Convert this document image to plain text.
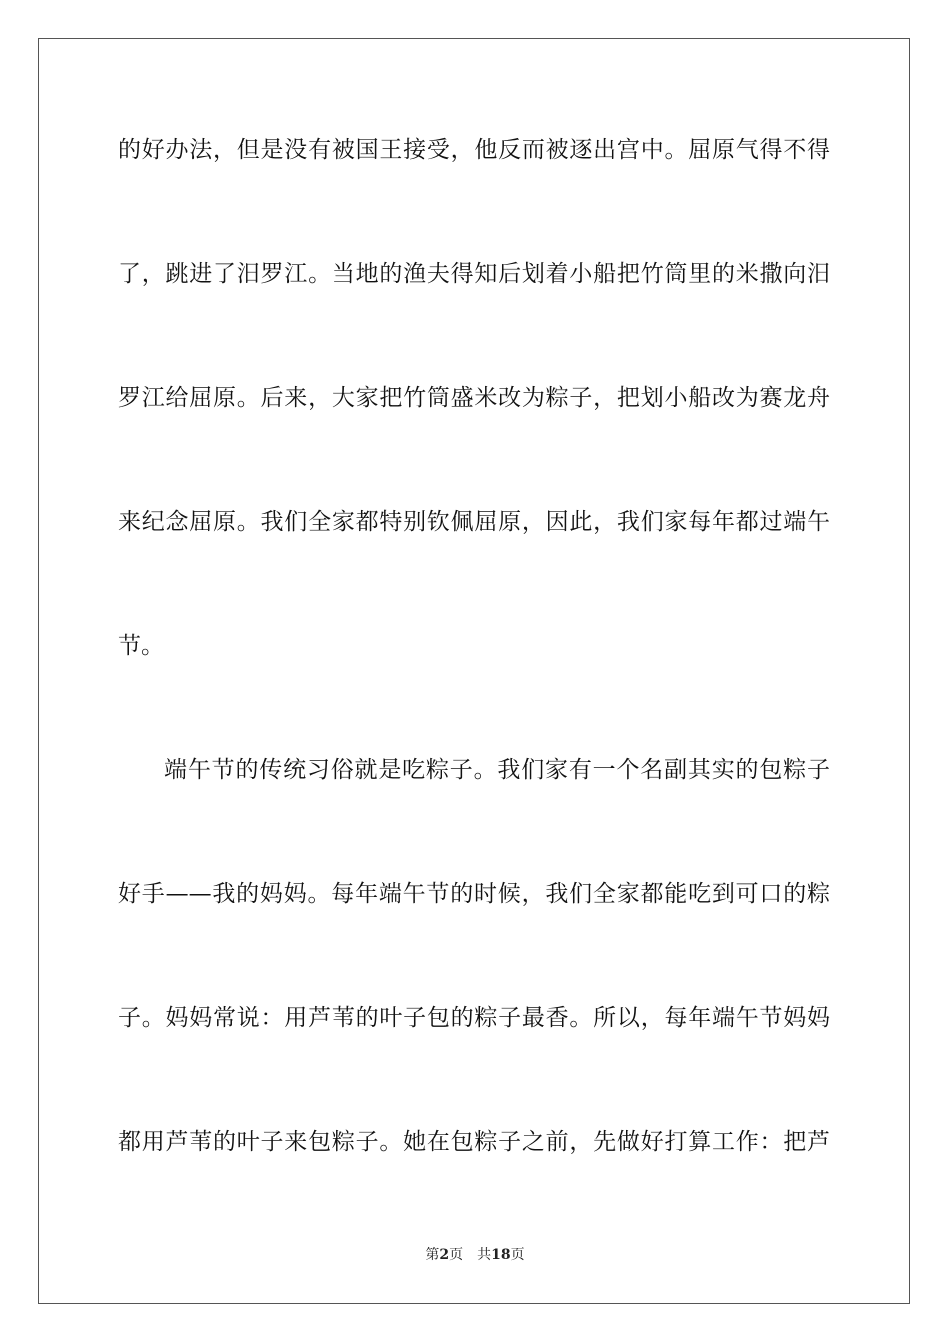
的好办法，但是没有被国王接受，他反而被逐出宫中。屈原气得不得
了，跳进了汨罗江。当地的渔夫得知后划着小船把竹筒里的米撒向汨
罗江给屈原。后来，大家把竹筒盛米改为粽子，把划小船改为赛龙舟
来纪念屈原。我们全家都特别钦佩屈原，因此，我们家每年都过端午
节。
端午节的传统习俗就是吃粽子。我们家有一个名副其实的包粽子
好手——我的妈妈。每年端午节的时候，我们全家都能吃到可口的粽
子。妈妈常说：用芦苇的叶子包的粽子最香。所以，每年端午节妈妈
都用芦苇的叶子来包粽子。她在包粽子之前，先做好打算工作：把芦
第2页 共18页
